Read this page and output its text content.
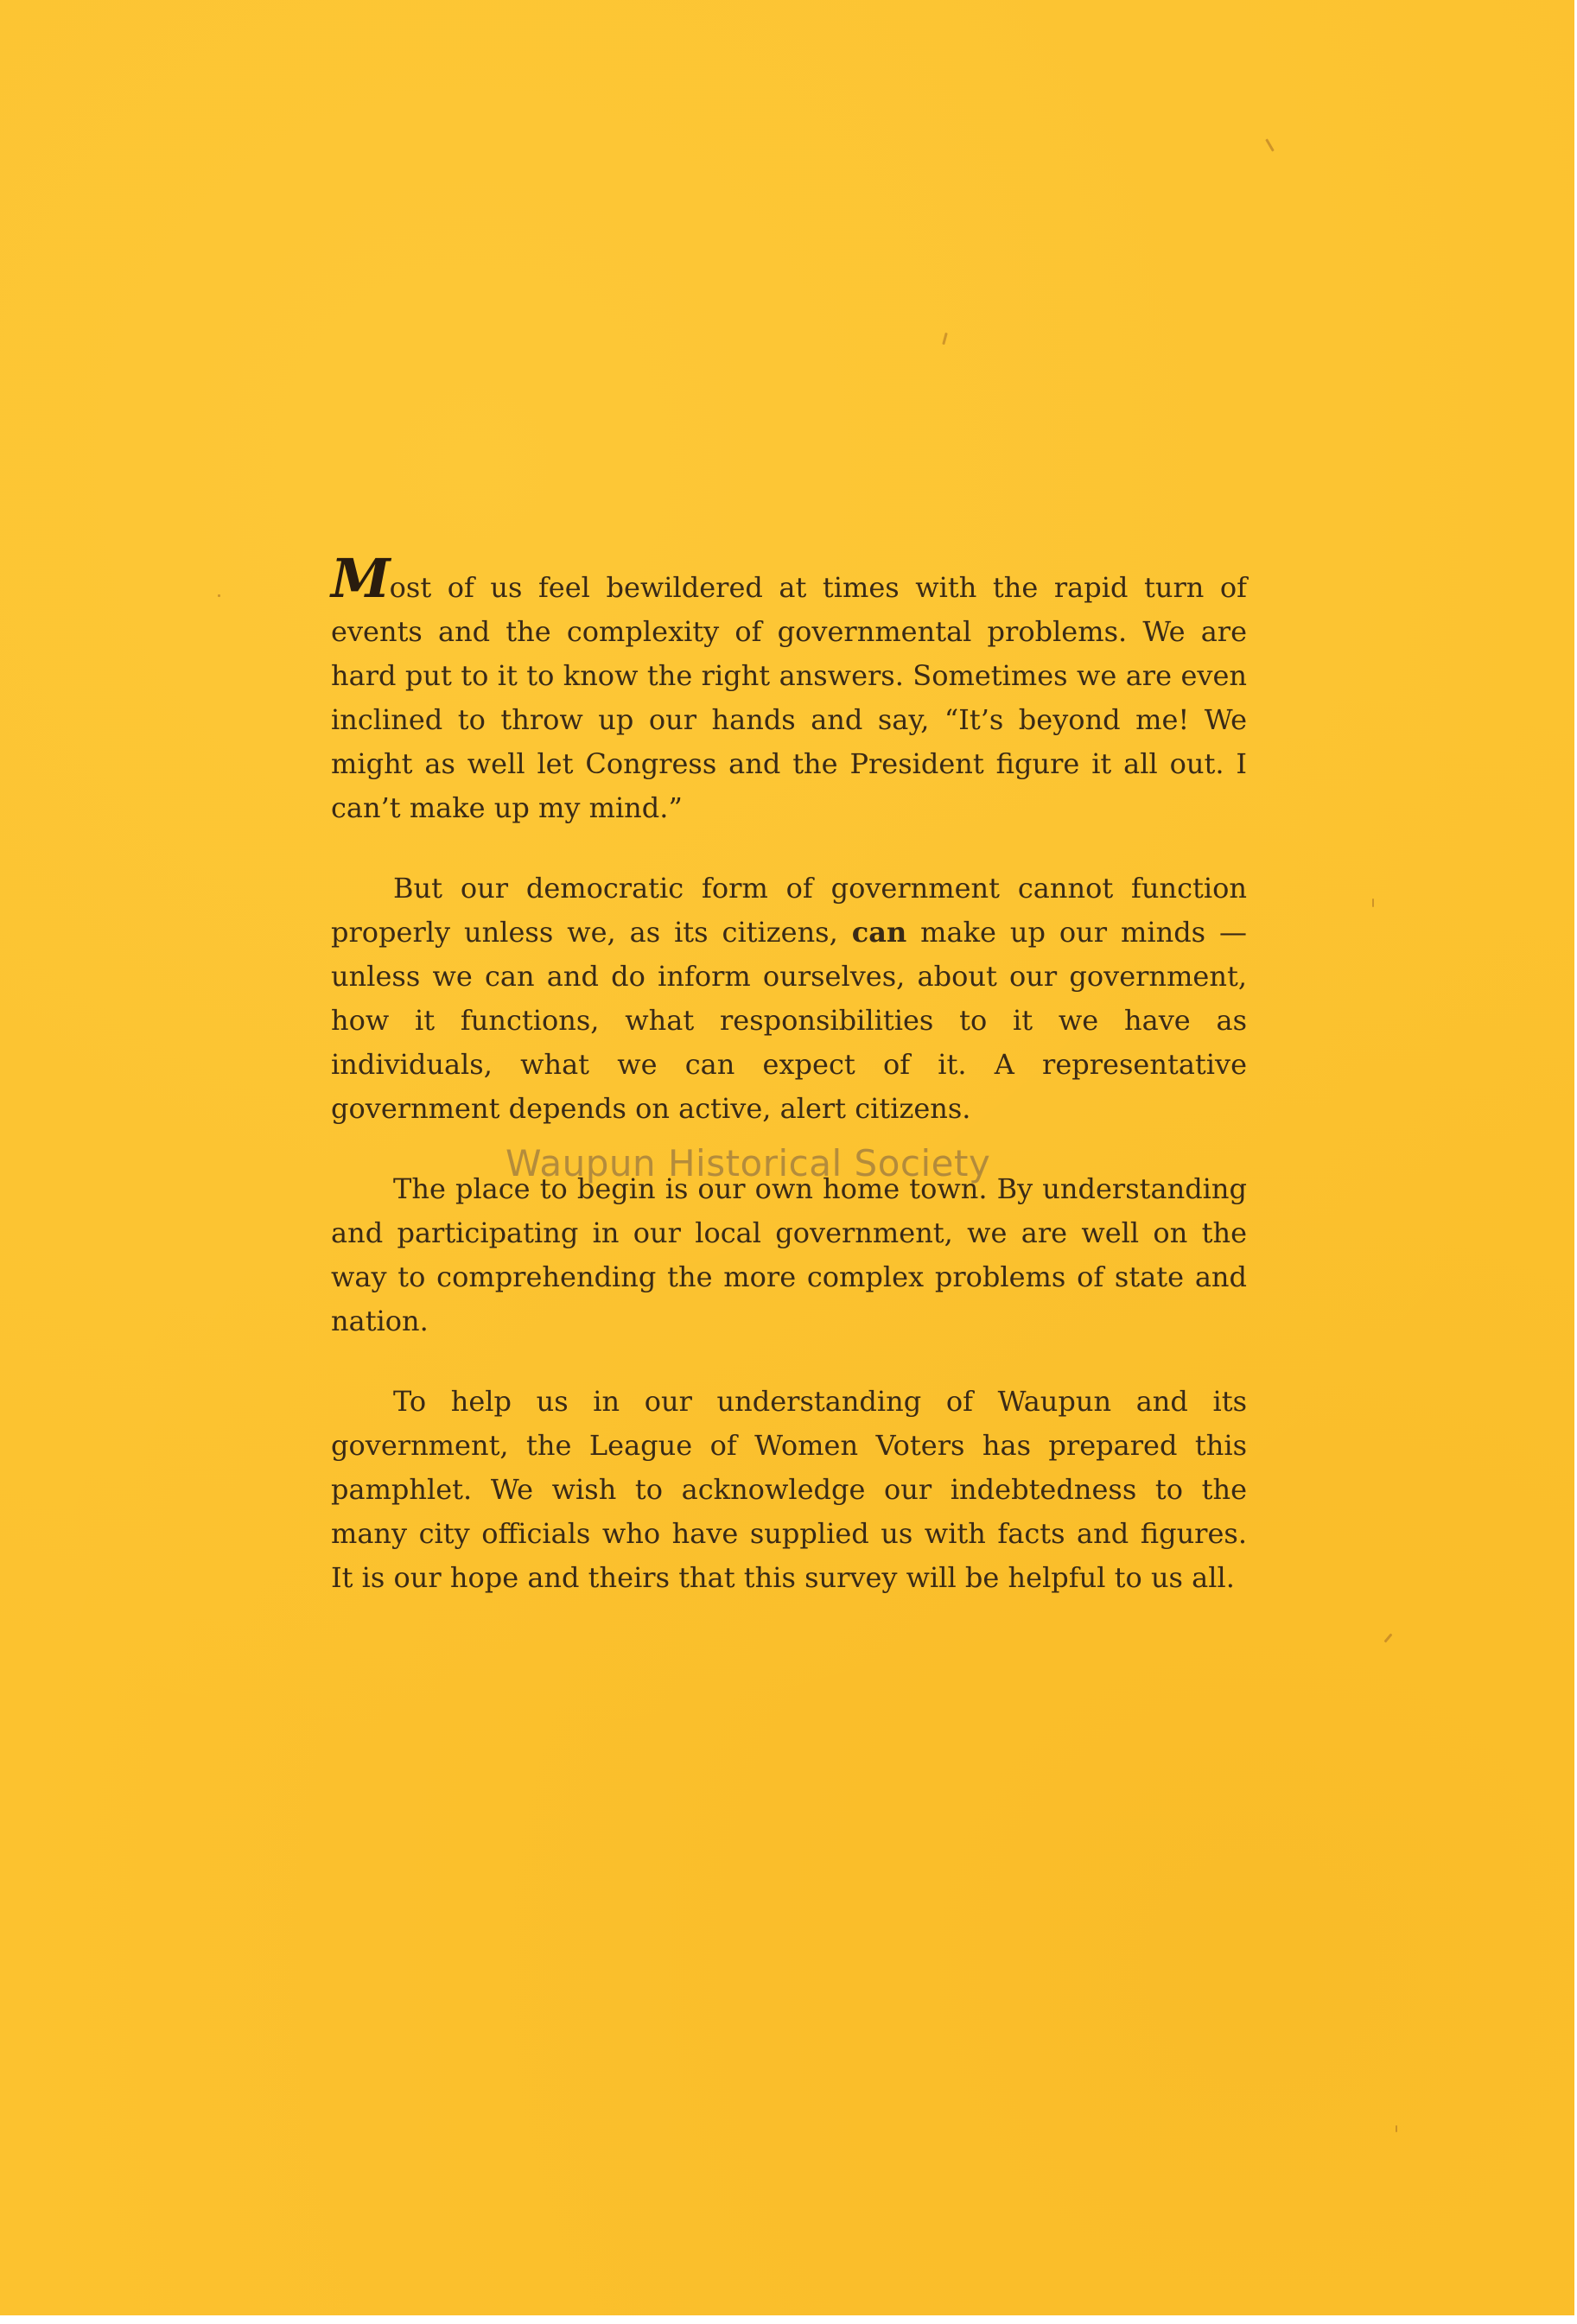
Most of us feel bewildered at times with the rapid turn of events and the complexity of governmental problems. We are hard put to it to know the right answers. Sometimes we are even inclined to throw up our hands and say, “It’s beyond me! We might as well let Congress and the President figure it all out. I can’t make up my mind.”

But our democratic form of government cannot function properly unless we, as its citizens, can make up our minds — unless we can and do inform ourselves, about our government, how it functions, what responsibilities to it we have as individuals, what we can expect of it. A representative government depends on active, alert citizens.

The place to begin is our own home town. By understanding and participating in our local government, we are well on the way to comprehending the more complex problems of state and nation.

To help us in our understanding of Waupun and its government, the League of Women Voters has prepared this pamphlet. We wish to acknowledge our indebtedness to the many city officials who have supplied us with facts and figures. It is our hope and theirs that this survey will be helpful to us all.

Waupun Historical Society
